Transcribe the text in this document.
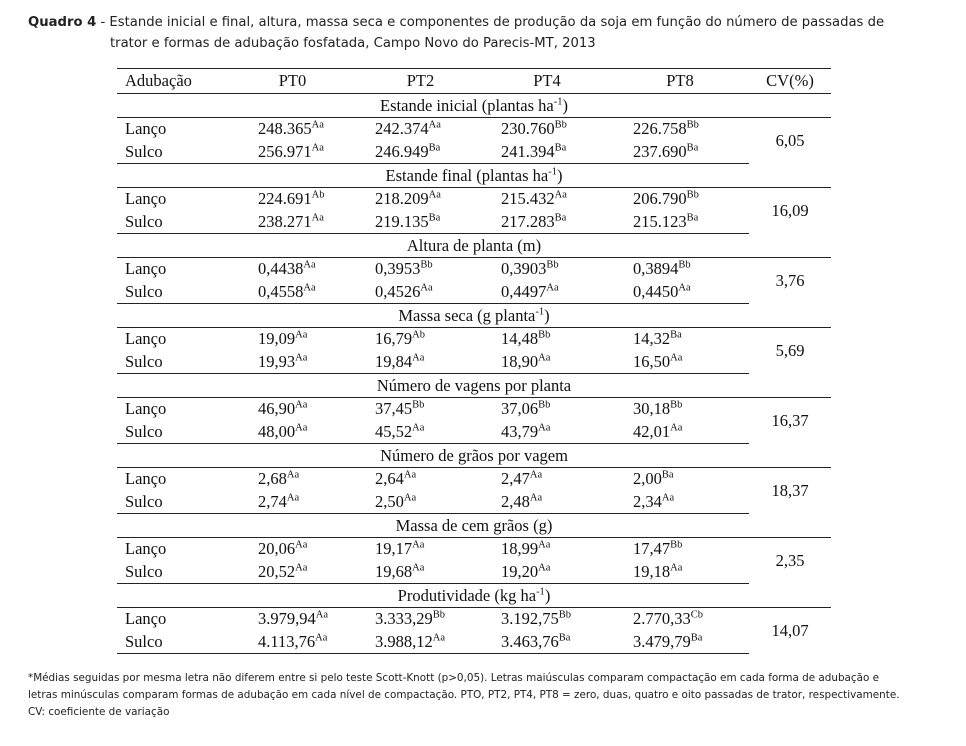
Quadro 4 - Estande inicial e final, altura, massa seca e componentes de produção da soja em função do número de passadas de
trator e formas de adubação fosfatada, Campo Novo do Parecis-MT, 2013
Adubação	PT0	PT2	PT4	PT8	CV(%)
Estande inicial (plantas $ha^{-1}$)					
Lanço	$248.365^{Aa}$	$242.374^{Aa}$	$230.760^{Bb}$	$226.758^{Bb}$	6,05
Sulco	$256.971^{Aa}$	$246.949^{Ba}$	$241.394^{Ba}$	$237.690^{Ba}$
Estande final (plantas $ha^{-1}$)					
Lanço	$224.691^{Ab}$	$218.209^{Aa}$	$215.432^{Aa}$	$206.790^{Bb}$	16,09
Sulco	$238.271^{Aa}$	$219.135^{Ba}$	$217.283^{Ba}$	$215.123^{Ba}$
Altura de planta (m)					
Lanço	$0,4438^{Aa}$	$0,3953^{Bb}$	$0,3903^{Bb}$	$0,3894^{Bb}$	3,76
Sulco	$0,4558^{Aa}$	$0,4526^{Aa}$	$0,4497^{Aa}$	$0,4450^{Aa}$
Massa seca (g planta$^{-1}$)					
Lanço	$19,09^{Aa}$	$16,79^{Ab}$	$14,48^{Bb}$	$14,32^{Ba}$	5,69
Sulco	$19,93^{Aa}$	$19,84^{Aa}$	$18,90^{Aa}$	$16,50^{Aa}$
Número de vagens por planta					
Lanço	$46,90^{Aa}$	$37,45^{Bb}$	$37,06^{Bb}$	$30,18^{Bb}$	16,37
Sulco	$48,00^{Aa}$	$45,52^{Aa}$	$43,79^{Aa}$	$42,01^{Aa}$
Número de grãos por vagem					
Lanço	$2,68^{Aa}$	$2,64^{Aa}$	$2,47^{Aa}$	$2,00^{Ba}$	18,37
Sulco	$2,74^{Aa}$	$2,50^{Aa}$	$2,48^{Aa}$	$2,34^{Aa}$
Massa de cem grãos (g)					
Lanço	$20,06^{Aa}$	$19,17^{Aa}$	$18,99^{Aa}$	$17,47^{Bb}$	2,35
Sulco	$20,52^{Aa}$	$19,68^{Aa}$	$19,20^{Aa}$	$19,18^{Aa}$
Produtividade (kg $ha^{-1}$)					
Lanço	$3.979,94^{Aa}$	$3.333,29^{Bb}$	$3.192,75^{Bb}$	$2.770,33^{Cb}$	14,07
Sulco	$4.113,76^{Aa}$	$3.988,12^{Aa}$	$3.463,76^{Ba}$	$3.479,79^{Ba}$
*Médias seguidas por mesma letra não diferem entre si pelo teste Scott-Knott (p>0,05). Letras maiúsculas comparam compactação em cada forma de adubação e
letras minúsculas comparam formas de adubação em cada nível de compactação. PTO, PT2, PT4, PT8 = zero, duas, quatro e oito passadas de trator, respectivamente.
CV: coeficiente de variação
